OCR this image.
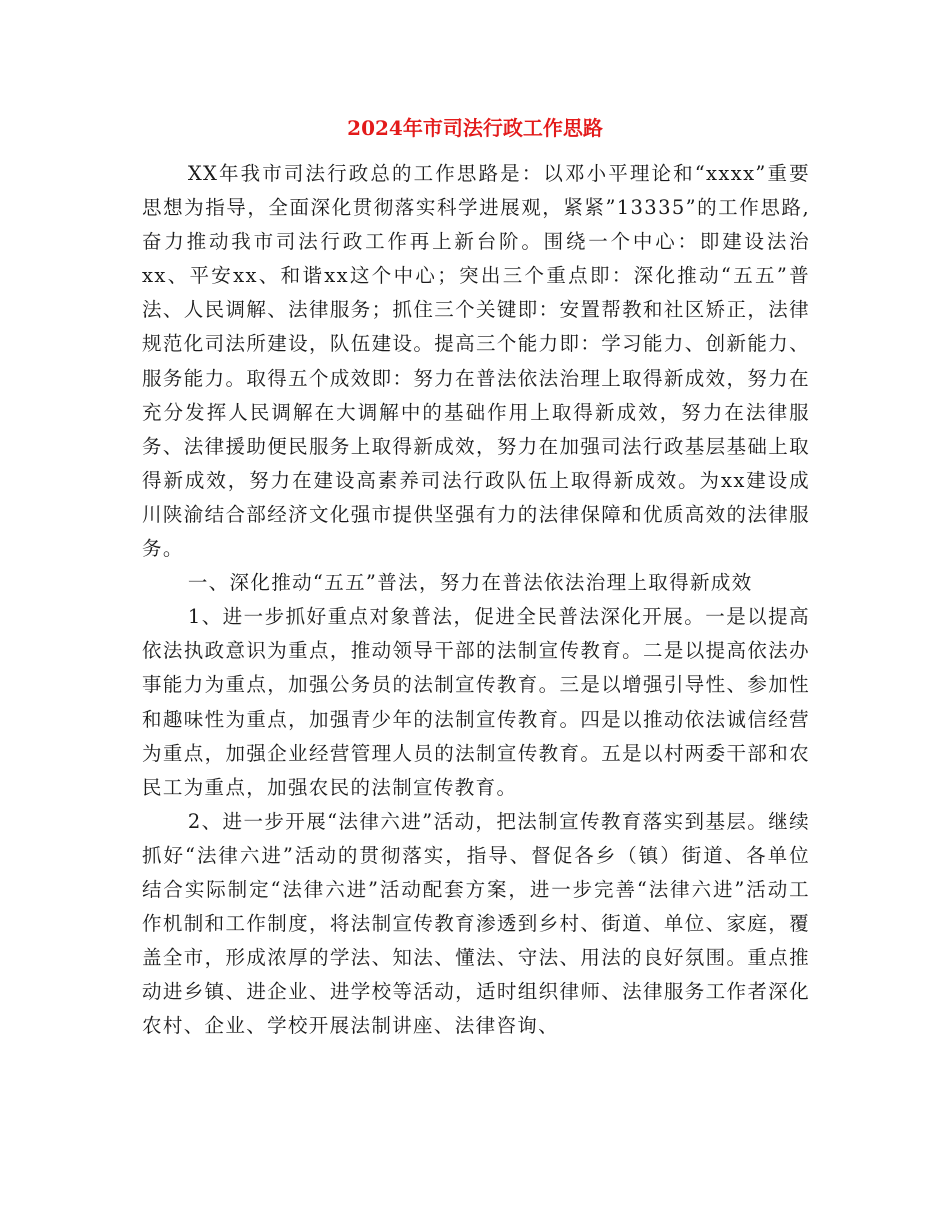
2024年市司法行政工作思路

XX年我市司法行政总的工作思路是：以邓小平理论和“xxxx”重要思想为指导，全面深化贯彻落实科学进展观，紧紧”13335”的工作思路,奋力推动我市司法行政工作再上新台阶。围绕一个中心：即建设法治xx、平安xx、和谐xx这个中心；突出三个重点即：深化推动“五五”普法、人民调解、法律服务；抓住三个关键即：安置帮教和社区矫正，法律规范化司法所建设，队伍建设。提高三个能力即：学习能力、创新能力、服务能力。取得五个成效即：努力在普法依法治理上取得新成效，努力在充分发挥人民调解在大调解中的基础作用上取得新成效，努力在法律服务、法律援助便民服务上取得新成效，努力在加强司法行政基层基础上取得新成效，努力在建设高素养司法行政队伍上取得新成效。为xx建设成川陕渝结合部经济文化强市提供坚强有力的法律保障和优质高效的法律服务。

一、深化推动“五五”普法，努力在普法依法治理上取得新成效

1、进一步抓好重点对象普法，促进全民普法深化开展。一是以提高依法执政意识为重点，推动领导干部的法制宣传教育。二是以提高依法办事能力为重点，加强公务员的法制宣传教育。三是以增强引导性、参加性和趣味性为重点，加强青少年的法制宣传教育。四是以推动依法诚信经营为重点，加强企业经营管理人员的法制宣传教育。五是以村两委干部和农民工为重点，加强农民的法制宣传教育。

2、进一步开展“法律六进”活动，把法制宣传教育落实到基层。继续抓好“法律六进”活动的贯彻落实，指导、督促各乡（镇）街道、各单位结合实际制定“法律六进”活动配套方案，进一步完善“法律六进”活动工作机制和工作制度，将法制宣传教育渗透到乡村、街道、单位、家庭，覆盖全市，形成浓厚的学法、知法、懂法、守法、用法的良好氛围。重点推动进乡镇、进企业、进学校等活动，适时组织律师、法律服务工作者深化农村、企业、学校开展法制讲座、法律咨询、
